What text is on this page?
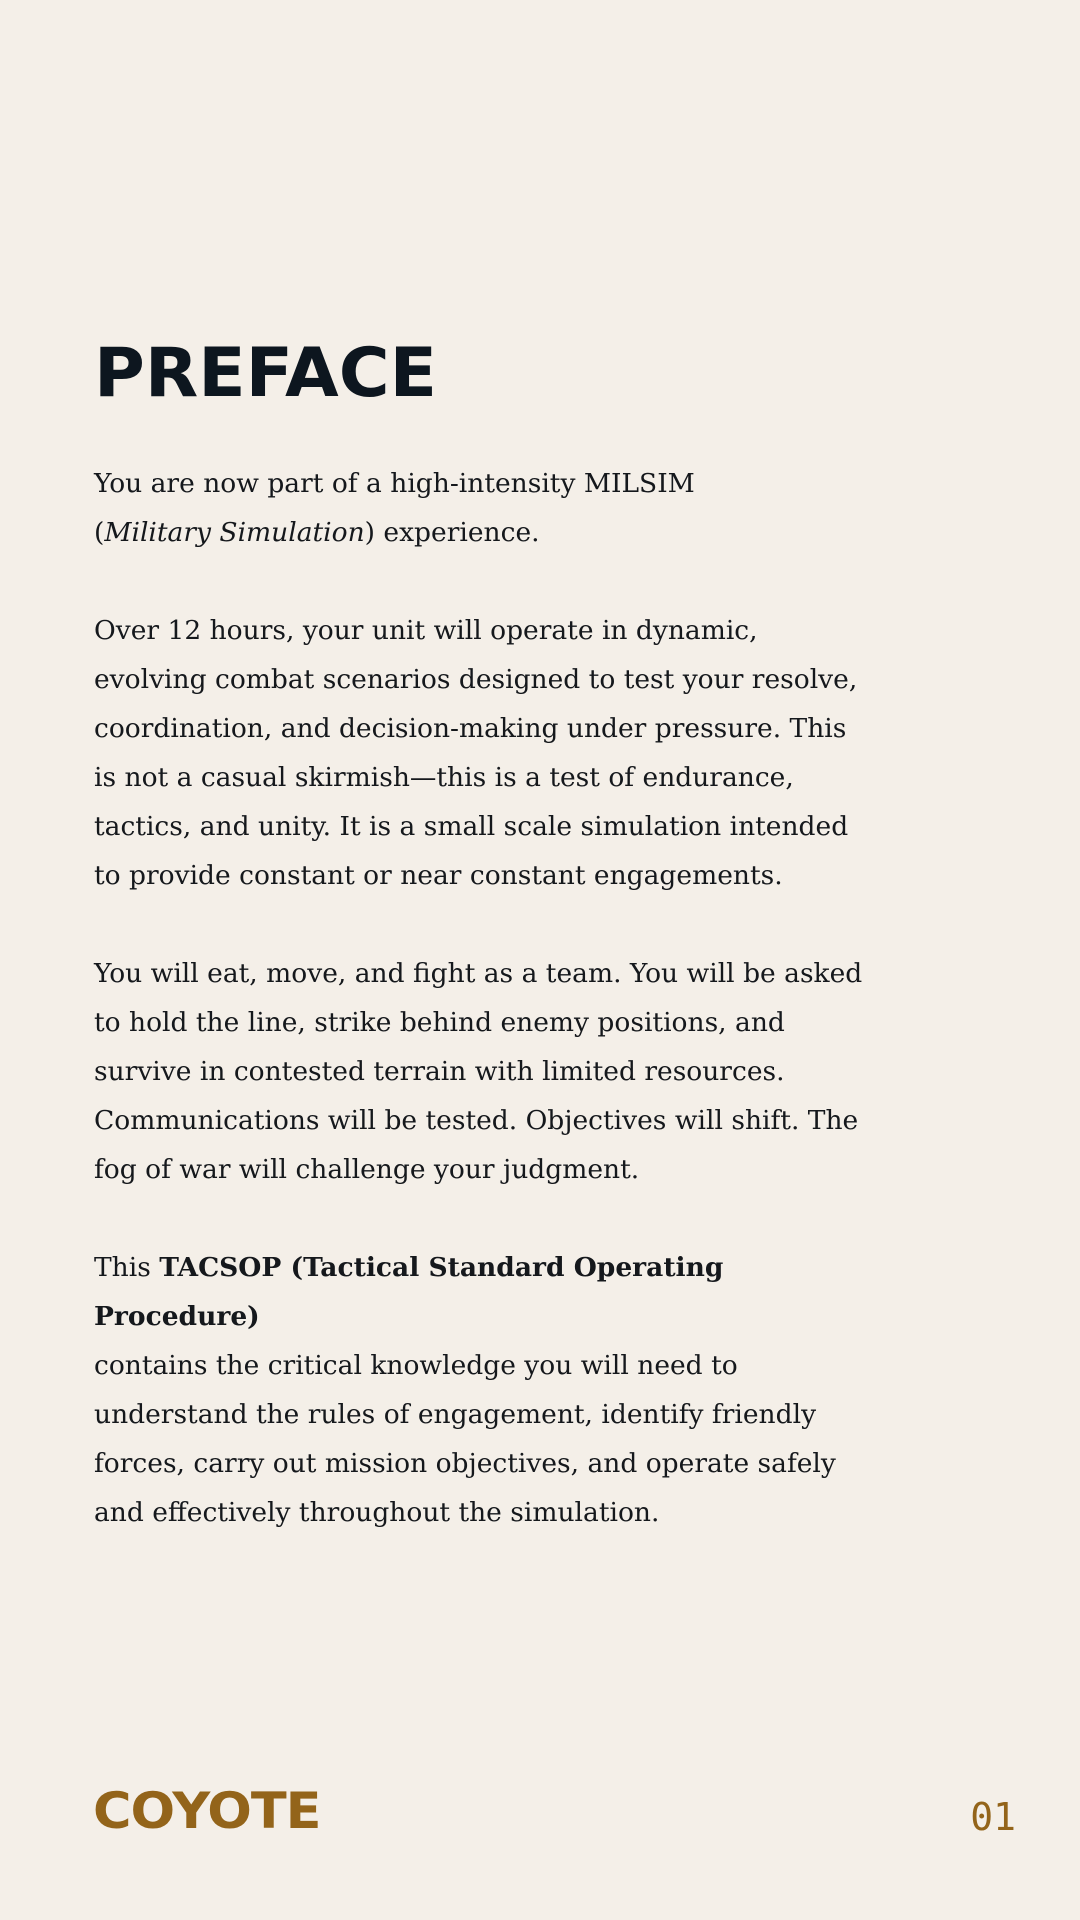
PREFACE

You are now part of a high-intensity MILSIM
(Military Simulation) experience.

Over 12 hours, your unit will operate in dynamic, evolving combat scenarios designed to test your resolve, coordination, and decision-making under pressure. This is not a casual skirmish—this is a test of endurance, tactics, and unity. It is a small scale simulation intended to provide constant or near constant engagements.

You will eat, move, and fight as a team. You will be asked to hold the line, strike behind enemy positions, and survive in contested terrain with limited resources. Communications will be tested. Objectives will shift. The fog of war will challenge your judgment.

This TACSOP (Tactical Standard Operating Procedure)
contains the critical knowledge you will need to understand the rules of engagement, identify friendly forces, carry out mission objectives, and operate safely and effectively throughout the simulation.

COYOTE	01
